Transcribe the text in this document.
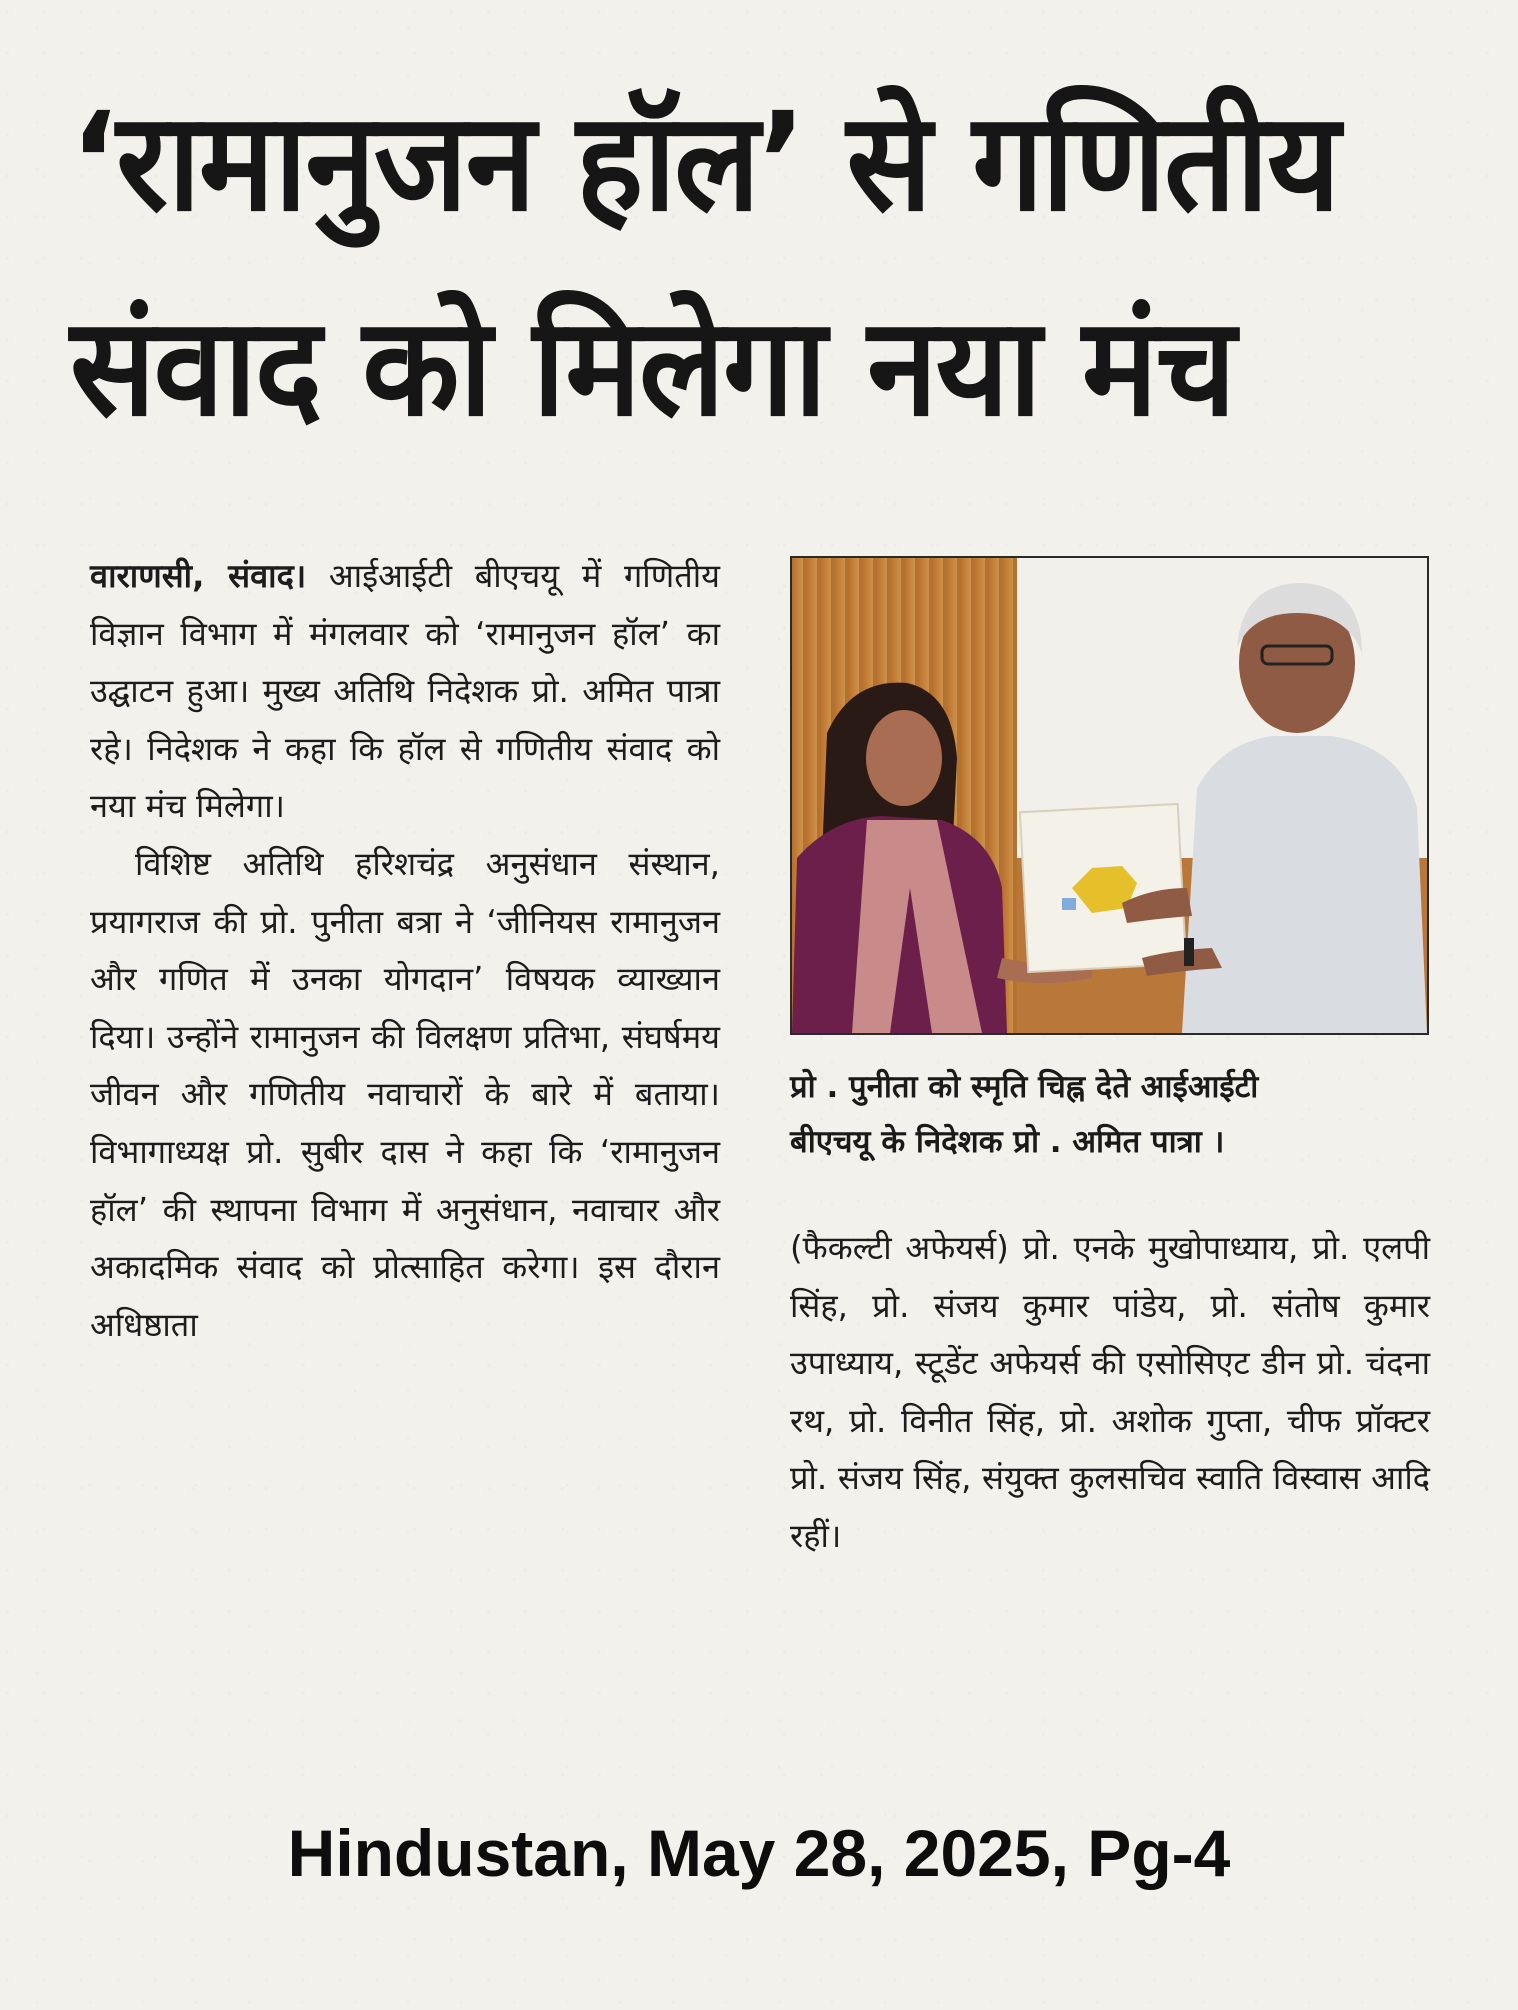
‘रामानुजन हॉल’ से गणितीय
संवाद को मिलेगा नया मंच

वाराणसी, संवाद। आईआईटी बीएचयू में गणितीय विज्ञान विभाग में मंगलवार को ‘रामानुजन हॉल’ का उद्घाटन हुआ। मुख्य अतिथि निदेशक प्रो. अमित पात्रा रहे। निदेशक ने कहा कि हॉल से गणितीय संवाद को नया मंच मिलेगा।

विशिष्ट अतिथि हरिशचंद्र अनुसंधान संस्थान, प्रयागराज की प्रो. पुनीता बत्रा ने ‘जीनियस रामानुजन और गणित में उनका योगदान’ विषयक व्याख्यान दिया। उन्होंने रामानुजन की विलक्षण प्रतिभा, संघर्षमय जीवन और गणितीय नवाचारों के बारे में बताया। विभागाध्यक्ष प्रो. सुबीर दास ने कहा कि ‘रामानुजन हॉल’ की स्थापना विभाग में अनुसंधान, नवाचार और अकादमिक संवाद को प्रोत्साहित करेगा। इस दौरान अधिष्ठाता

प्रो . पुनीता को स्मृति चिह्न देते आईआईटी
बीएचयू के निदेशक प्रो . अमित पात्रा ।

(फैकल्टी अफेयर्स) प्रो. एनके मुखोपाध्याय, प्रो. एलपी सिंह, प्रो. संजय कुमार पांडेय, प्रो. संतोष कुमार उपाध्याय, स्टूडेंट अफेयर्स की एसोसिएट डीन प्रो. चंदना रथ, प्रो. विनीत सिंह, प्रो. अशोक गुप्ता, चीफ प्रॉक्टर प्रो. संजय सिंह, संयुक्त कुलसचिव स्वाति विस्वास आदि रहीं।

Hindustan, May 28, 2025, Pg-4
